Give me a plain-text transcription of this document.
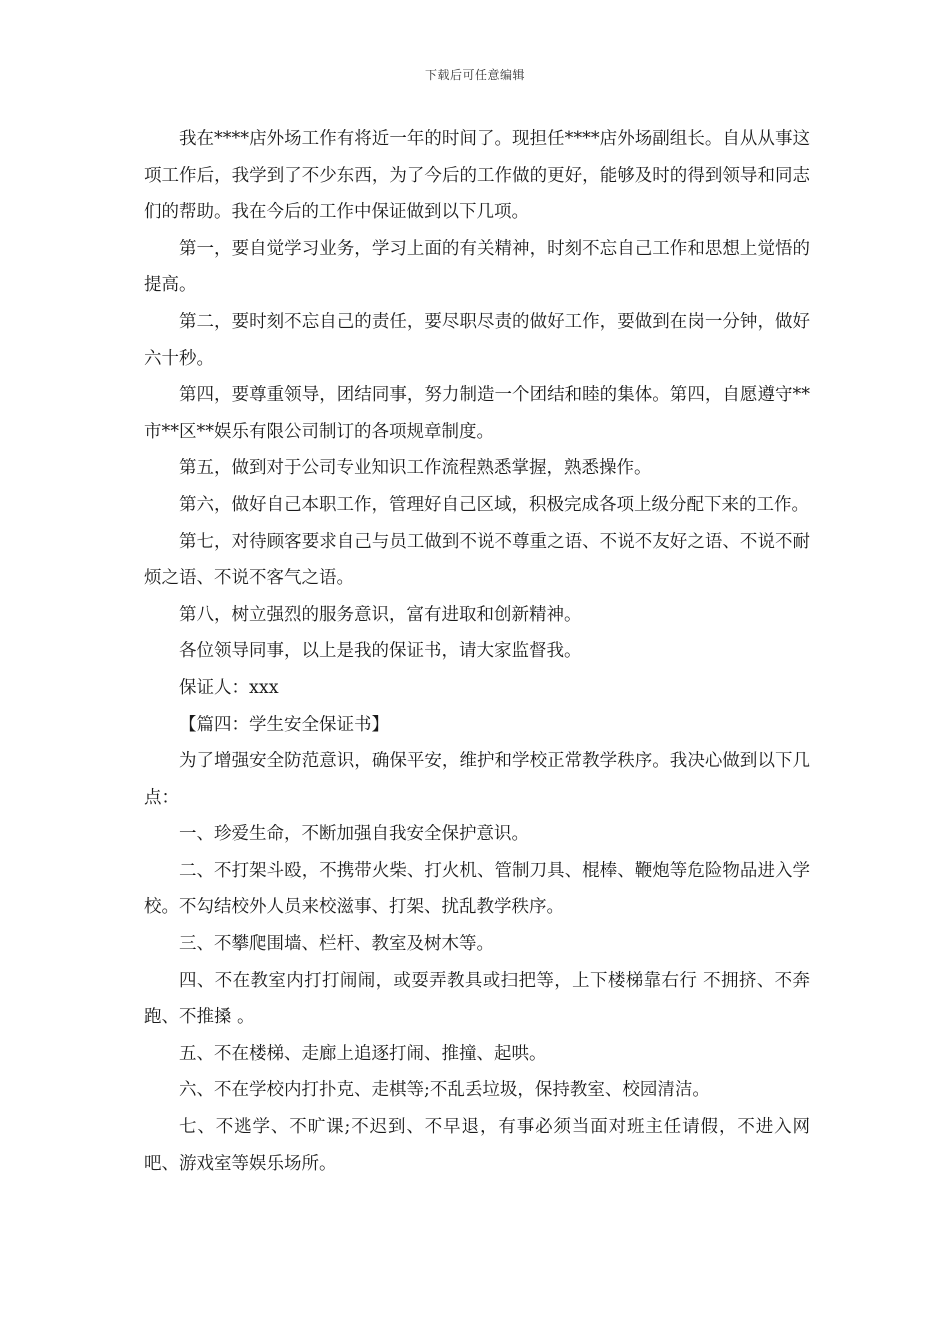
下载后可任意编辑

我在****店外场工作有将近一年的时间了。现担任****店外场副组长。自从从事这项工作后，我学到了不少东西，为了今后的工作做的更好，能够及时的得到领导和同志们的帮助。我在今后的工作中保证做到以下几项。

第一，要自觉学习业务，学习上面的有关精神，时刻不忘自己工作和思想上觉悟的提高。

第二，要时刻不忘自己的责任，要尽职尽责的做好工作，要做到在岗一分钟，做好六十秒。

第四，要尊重领导，团结同事，努力制造一个团结和睦的集体。第四，自愿遵守**市**区**娱乐有限公司制订的各项规章制度。

第五，做到对于公司专业知识工作流程熟悉掌握，熟悉操作。

第六，做好自己本职工作，管理好自己区域，积极完成各项上级分配下来的工作。

第七，对待顾客要求自己与员工做到不说不尊重之语、不说不友好之语、不说不耐烦之语、不说不客气之语。

第八，树立强烈的服务意识，富有进取和创新精神。

各位领导同事，以上是我的保证书，请大家监督我。

保证人：xxx

【篇四：学生安全保证书】

为了增强安全防范意识，确保平安，维护和学校正常教学秩序。我决心做到以下几点：

一、珍爱生命，不断加强自我安全保护意识。

二、不打架斗殴，不携带火柴、打火机、管制刀具、棍棒、鞭炮等危险物品进入学校。不勾结校外人员来校滋事、打架、扰乱教学秩序。

三、不攀爬围墙、栏杆、教室及树木等。

四、不在教室内打打闹闹，或耍弄教具或扫把等，上下楼梯靠右行 不拥挤、不奔跑、不推搡 。

五、不在楼梯、走廊上追逐打闹、推撞、起哄。

六、不在学校内打扑克、走棋等;不乱丢垃圾，保持教室、校园清洁。

七、不逃学、不旷课;不迟到、不早退，有事必须当面对班主任请假，不进入网吧、游戏室等娱乐场所。
